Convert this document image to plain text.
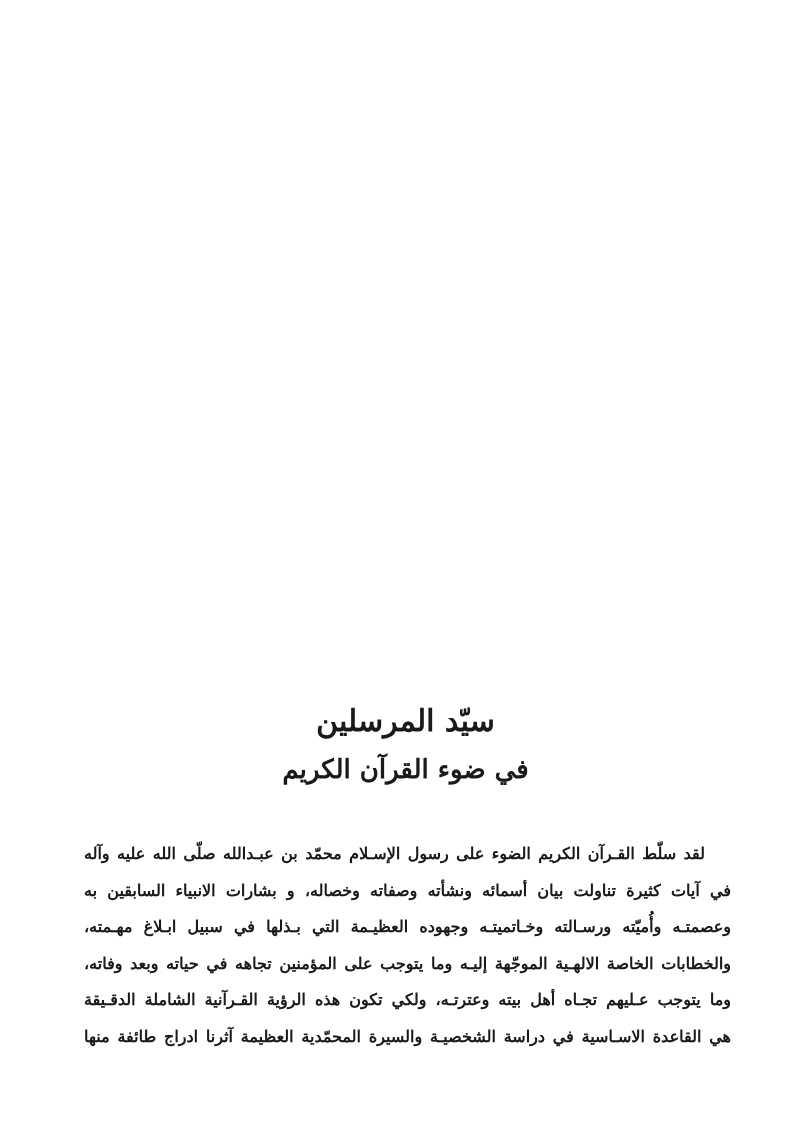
سيّد المرسلين
في ضوء القرآن الكريم
لقد سلّط القـرآن الكريم الضوء على رسول الإسـلام محمّد بن عبـدالله صلّى الله عليه وآله
في آيات كثيرة تناولت بيان أسمائه ونشأته وصفاته وخصاله، و بشارات الانبياء السابقين به
وعصمتـه وأُميّته ورسـالته وخـاتميتـه وجهوده العظيـمة التي بـذلها في سبيل ابـلاغ مهـمته،
والخطابات الخاصة الالهـية الموجّهة إليـه وما يتوجب على المؤمنين تجاهه في حياته وبعد وفاته،
وما يتوجب عـليهم تجـاه أهل بيته وعترتـه، ولكي تكون هذه الرؤية القـرآنية الشاملة الدقـيقة
هي القاعدة الاسـاسية في دراسة الشخصيـة والسيرة المحمّدية العظيمة آثرنا ادراج طائفة منها
